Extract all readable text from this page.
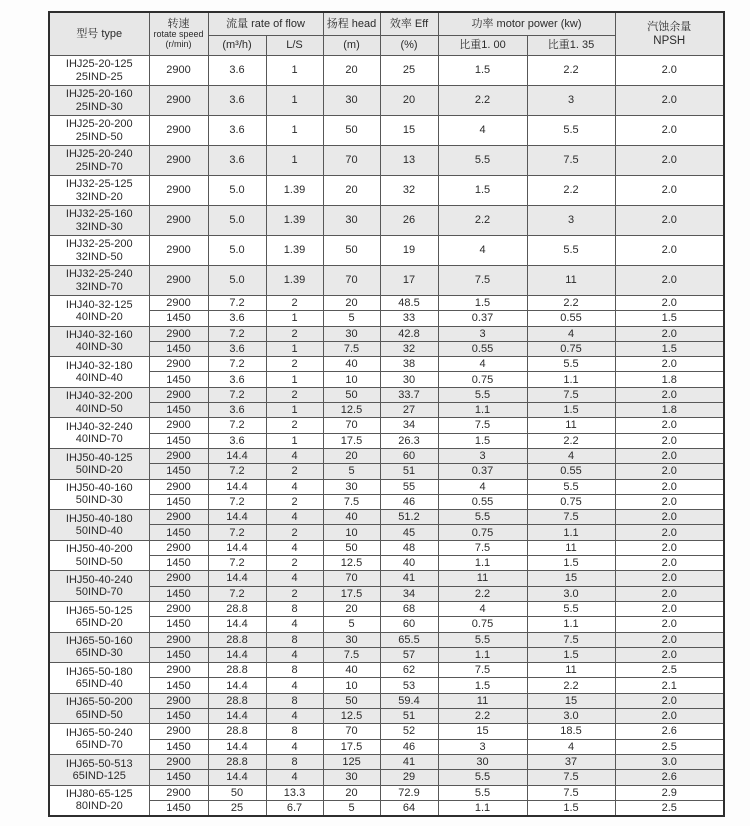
型号 type	转速
rotate speed
(r/min)	流量 rate of flow		扬程 head	效率 Eff	功率 motor power (kw)		汽蚀余量
NPSH

		(m³/h)	L/S	(m)	(%)	比重1. 00	比重1. 35	

IHJ25-20-125
25IND-25	2900	3.6	1	20	25	1.5	2.2	2.0

IHJ25-20-160
25IND-30	2900	3.6	1	30	20	2.2	3	2.0

IHJ25-20-200
25IND-50	2900	3.6	1	50	15	4	5.5	2.0

IHJ25-20-240
25IND-70	2900	3.6	1	70	13	5.5	7.5	2.0

IHJ32-25-125
32IND-20	2900	5.0	1.39	20	32	1.5	2.2	2.0

IHJ32-25-160
32IND-30	2900	5.0	1.39	30	26	2.2	3	2.0

IHJ32-25-200
32IND-50	2900	5.0	1.39	50	19	4	5.5	2.0

IHJ32-25-240
32IND-70	2900	5.0	1.39	70	17	7.5	11	2.0

IHJ40-32-125
40IND-20	2900	7.2	2	20	48.5	1.5	2.2	2.0
	1450	3.6	1	5	33	0.37	0.55	1.5

IHJ40-32-160
40IND-30	2900	7.2	2	30	42.8	3	4	2.0
	1450	3.6	1	7.5	32	0.55	0.75	1.5

IHJ40-32-180
40IND-40	2900	7.2	2	40	38	4	5.5	2.0
	1450	3.6	1	10	30	0.75	1.1	1.8

IHJ40-32-200
40IND-50	2900	7.2	2	50	33.7	5.5	7.5	2.0
	1450	3.6	1	12.5	27	1.1	1.5	1.8

IHJ40-32-240
40IND-70	2900	7.2	2	70	34	7.5	11	2.0
	1450	3.6	1	17.5	26.3	1.5	2.2	2.0

IHJ50-40-125
50IND-20	2900	14.4	4	20	60	3	4	2.0
	1450	7.2	2	5	51	0.37	0.55	2.0

IHJ50-40-160
50IND-30	2900	14.4	4	30	55	4	5.5	2.0
	1450	7.2	2	7.5	46	0.55	0.75	2.0

IHJ50-40-180
50IND-40	2900	14.4	4	40	51.2	5.5	7.5	2.0
	1450	7.2	2	10	45	0.75	1.1	2.0

IHJ50-40-200
50IND-50	2900	14.4	4	50	48	7.5	11	2.0
	1450	7.2	2	12.5	40	1.1	1.5	2.0

IHJ50-40-240
50IND-70	2900	14.4	4	70	41	11	15	2.0
	1450	7.2	2	17.5	34	2.2	3.0	2.0

IHJ65-50-125
65IND-20	2900	28.8	8	20	68	4	5.5	2.0
	1450	14.4	4	5	60	0.75	1.1	2.0

IHJ65-50-160
65IND-30	2900	28.8	8	30	65.5	5.5	7.5	2.0
	1450	14.4	4	7.5	57	1.1	1.5	2.0

IHJ65-50-180
65IND-40	2900	28.8	8	40	62	7.5	11	2.5
	1450	14.4	4	10	53	1.5	2.2	2.1

IHJ65-50-200
65IND-50	2900	28.8	8	50	59.4	11	15	2.0
	1450	14.4	4	12.5	51	2.2	3.0	2.0

IHJ65-50-240
65IND-70	2900	28.8	8	70	52	15	18.5	2.6
	1450	14.4	4	17.5	46	3	4	2.5

IHJ65-50-513
65IND-125	2900	28.8	8	125	41	30	37	3.0
	1450	14.4	4	30	29	5.5	7.5	2.6

IHJ80-65-125
80IND-20	2900	50	13.3	20	72.9	5.5	7.5	2.9
	1450	25	6.7	5	64	1.1	1.5	2.5
